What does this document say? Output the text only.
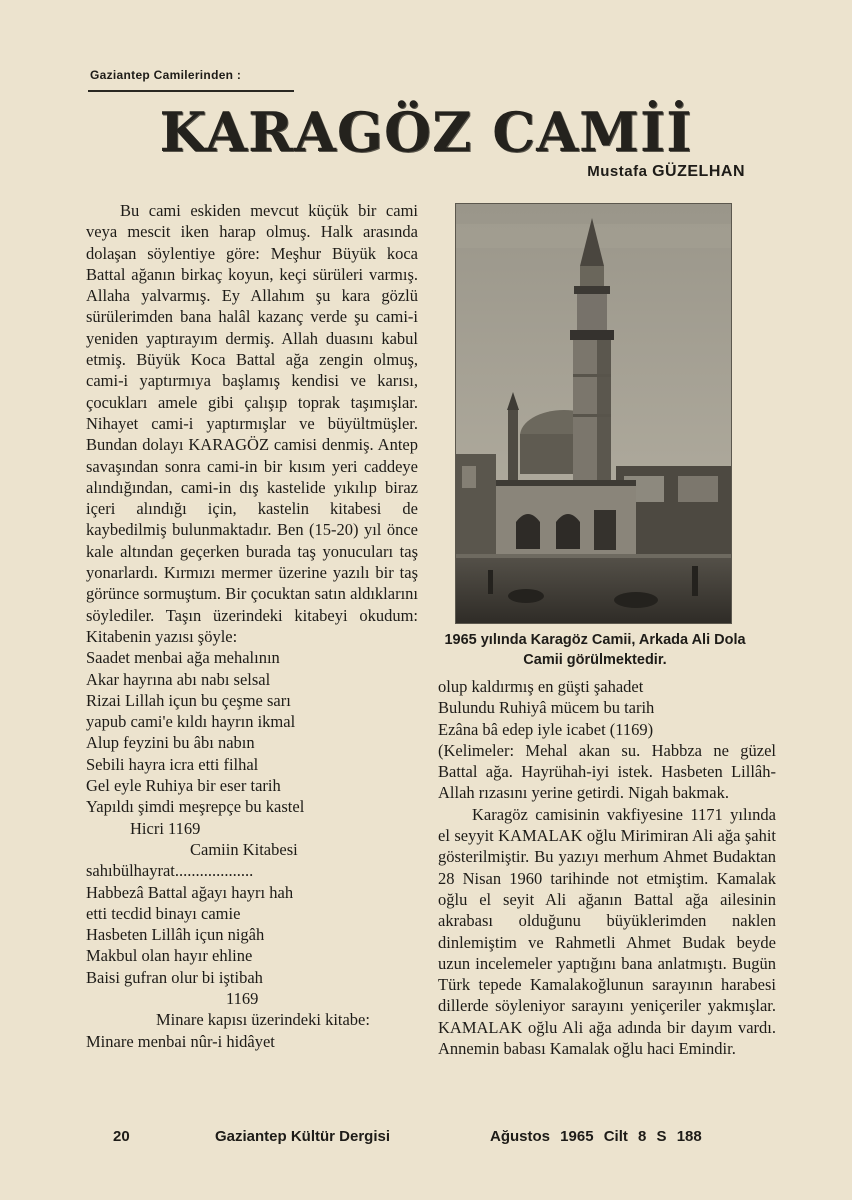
Gaziantep Camilerinden :
KARAGÖZ CAMİİ
Mustafa GÜZELHAN

Bu cami eskiden mevcut küçük bir cami veya mescit iken harap olmuş. Halk arasında dolaşan söylentiye göre: Meşhur Büyük koca Battal ağanın birkaç koyun, keçi sürüleri varmış. Allaha yalvarmış. Ey Allahım şu kara gözlü sürülerimden bana halâl kazanç verde şu cami-i yeniden yaptırayım dermiş. Allah duasını kabul etmiş. Büyük Koca Battal ağa zengin olmuş, cami-i yaptırmıya başlamış kendisi ve karısı, çocukları amele gibi çalışıp toprak taşımışlar. Nihayet cami-i yaptırmışlar ve büyültmüşler. Bundan dolayı KARAGÖZ camisi denmiş. Antep savaşından sonra cami-in bir kısım yeri caddeye alındığından, cami-in dış kastelide yıkılıp biraz içeri alındığı için, kastelin kitabesi de kaybedilmiş bulunmaktadır. Ben (15-20) yıl önce kale altından geçerken burada taş yonucuları taş yonarlardı. Kırmızı mermer üzerine yazılı bir taş görünce sormuştum. Bir çocuktan satın aldıklarını söylediler. Taşın üzerindeki kitabeyi okudum: Kitabenin yazısı şöyle:

Saadet menbai ağa mehalının
Akar hayrına abı nabı selsal
Rizai Lillah içun bu çeşme sarı
yapub cami'e kıldı hayrın ikmal
Alup feyzini bu âbı nabın
Sebili hayra icra etti filhal
Gel eyle Ruhiya bir eser tarih
Yapıldı şimdi meşrepçe bu kastel
Hicri 1169
Camiin Kitabesi
sahıbülhayrat...................
Habbezâ Battal ağayı hayrı hah
etti tecdid binayı camie
Hasbeten Lillâh içun nigâh
Makbul olan hayır ehline
Baisi gufran olur bi iştibah
1169
Minare kapısı üzerindeki kitabe:
Minare menbai nûr-i hidâyet
1965 yılında Karagöz Camii, Arkada Ali Dola Camii görülmektedir.
olup kaldırmış en güşti şahadet
Bulundu Ruhiyâ mücem bu tarih
Ezâna bâ edep iyle icabet (1169)

(Kelimeler: Mehal akan su. Habbza ne güzel Battal ağa. Hayrühah-iyi istek. Hasbeten Lillâh-Allah rızasını yerine getirdi. Nigah bakmak.

Karagöz camisinin vakfiyesine 1171 yılında el seyyit KAMALAK oğlu Mirimiran Ali ağa şahit gösterilmiştir. Bu yazıyı merhum Ahmet Budaktan 28 Nisan 1960 tarihinde not etmiştim. Kamalak oğlu el seyit Ali ağanın Battal ağa ailesinin akrabası olduğunu büyüklerimden naklen dinlemiştim ve Rahmetli Ahmet Budak beyde uzun incelemeler yaptığını bana anlatmıştı. Bugün Türk tepede Kamalakoğlunun sarayının harabesi dillerde söyleniyor sarayını yeniçeriler yakmışlar. KAMALAK oğlu Ali ağa adında bir dayım vardı. Annemin babası Kamalak oğlu haci Emindir.

20	Gaziantep Kültür Dergisi	Ağustos 1965 Cilt 8 S 188
